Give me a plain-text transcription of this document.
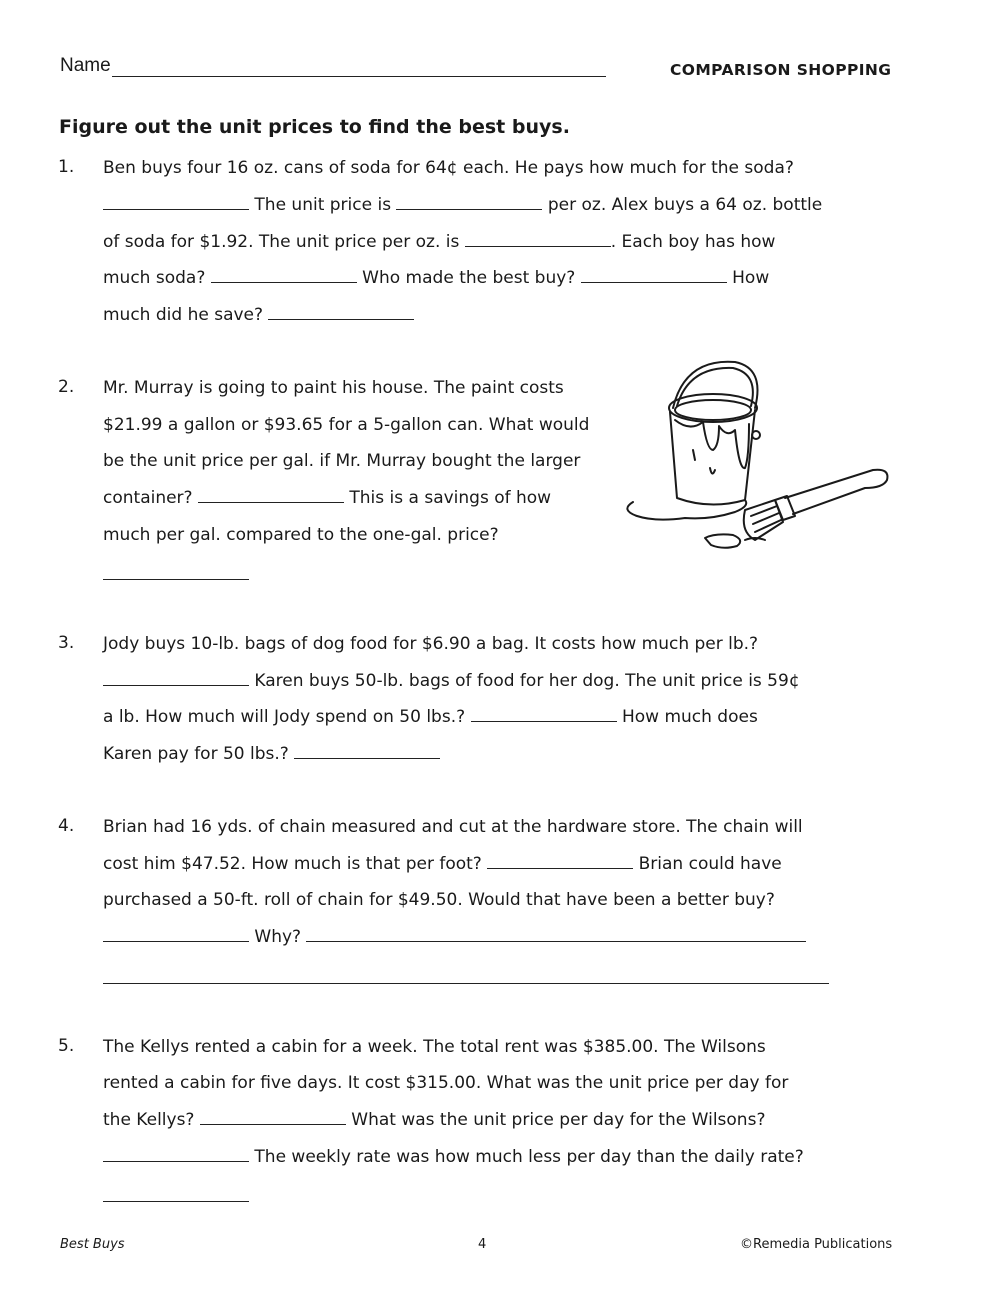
Name	COMPARISON SHOPPING
Figure out the unit prices to find the best buys.
1. Ben buys four 16 oz. cans of soda for 64¢ each. He pays how much for the soda?
The unit price is	per oz. Alex buys a 64 oz. bottle
of soda for $1.92. The unit price per oz. is	. Each boy has how
much soda?	Who made the best buy?	How
much did he save?
2. Mr. Murray is going to paint his house. The paint costs
$21.99 a gallon or $93.65 for a 5-gallon can. What would
be the unit price per gal. if Mr. Murray bought the larger
container?	This is a savings of how
much per gal. compared to the one-gal. price?
3. Jody buys 10-lb. bags of dog food for $6.90 a bag. It costs how much per lb.?
Karen buys 50-lb. bags of food for her dog. The unit price is 59¢
a lb. How much will Jody spend on 50 lbs.?	How much does
Karen pay for 50 lbs.?
4. Brian had 16 yds. of chain measured and cut at the hardware store. The chain will
cost him $47.52. How much is that per foot?	Brian could have
purchased a 50-ft. roll of chain for $49.50. Would that have been a better buy?
Why?
5. The Kellys rented a cabin for a week. The total rent was $385.00. The Wilsons
rented a cabin for five days. It cost $315.00. What was the unit price per day for
the Kellys?	What was the unit price per day for the Wilsons?
The weekly rate was how much less per day than the daily rate?
Best Buys	4	©Remedia Publications
